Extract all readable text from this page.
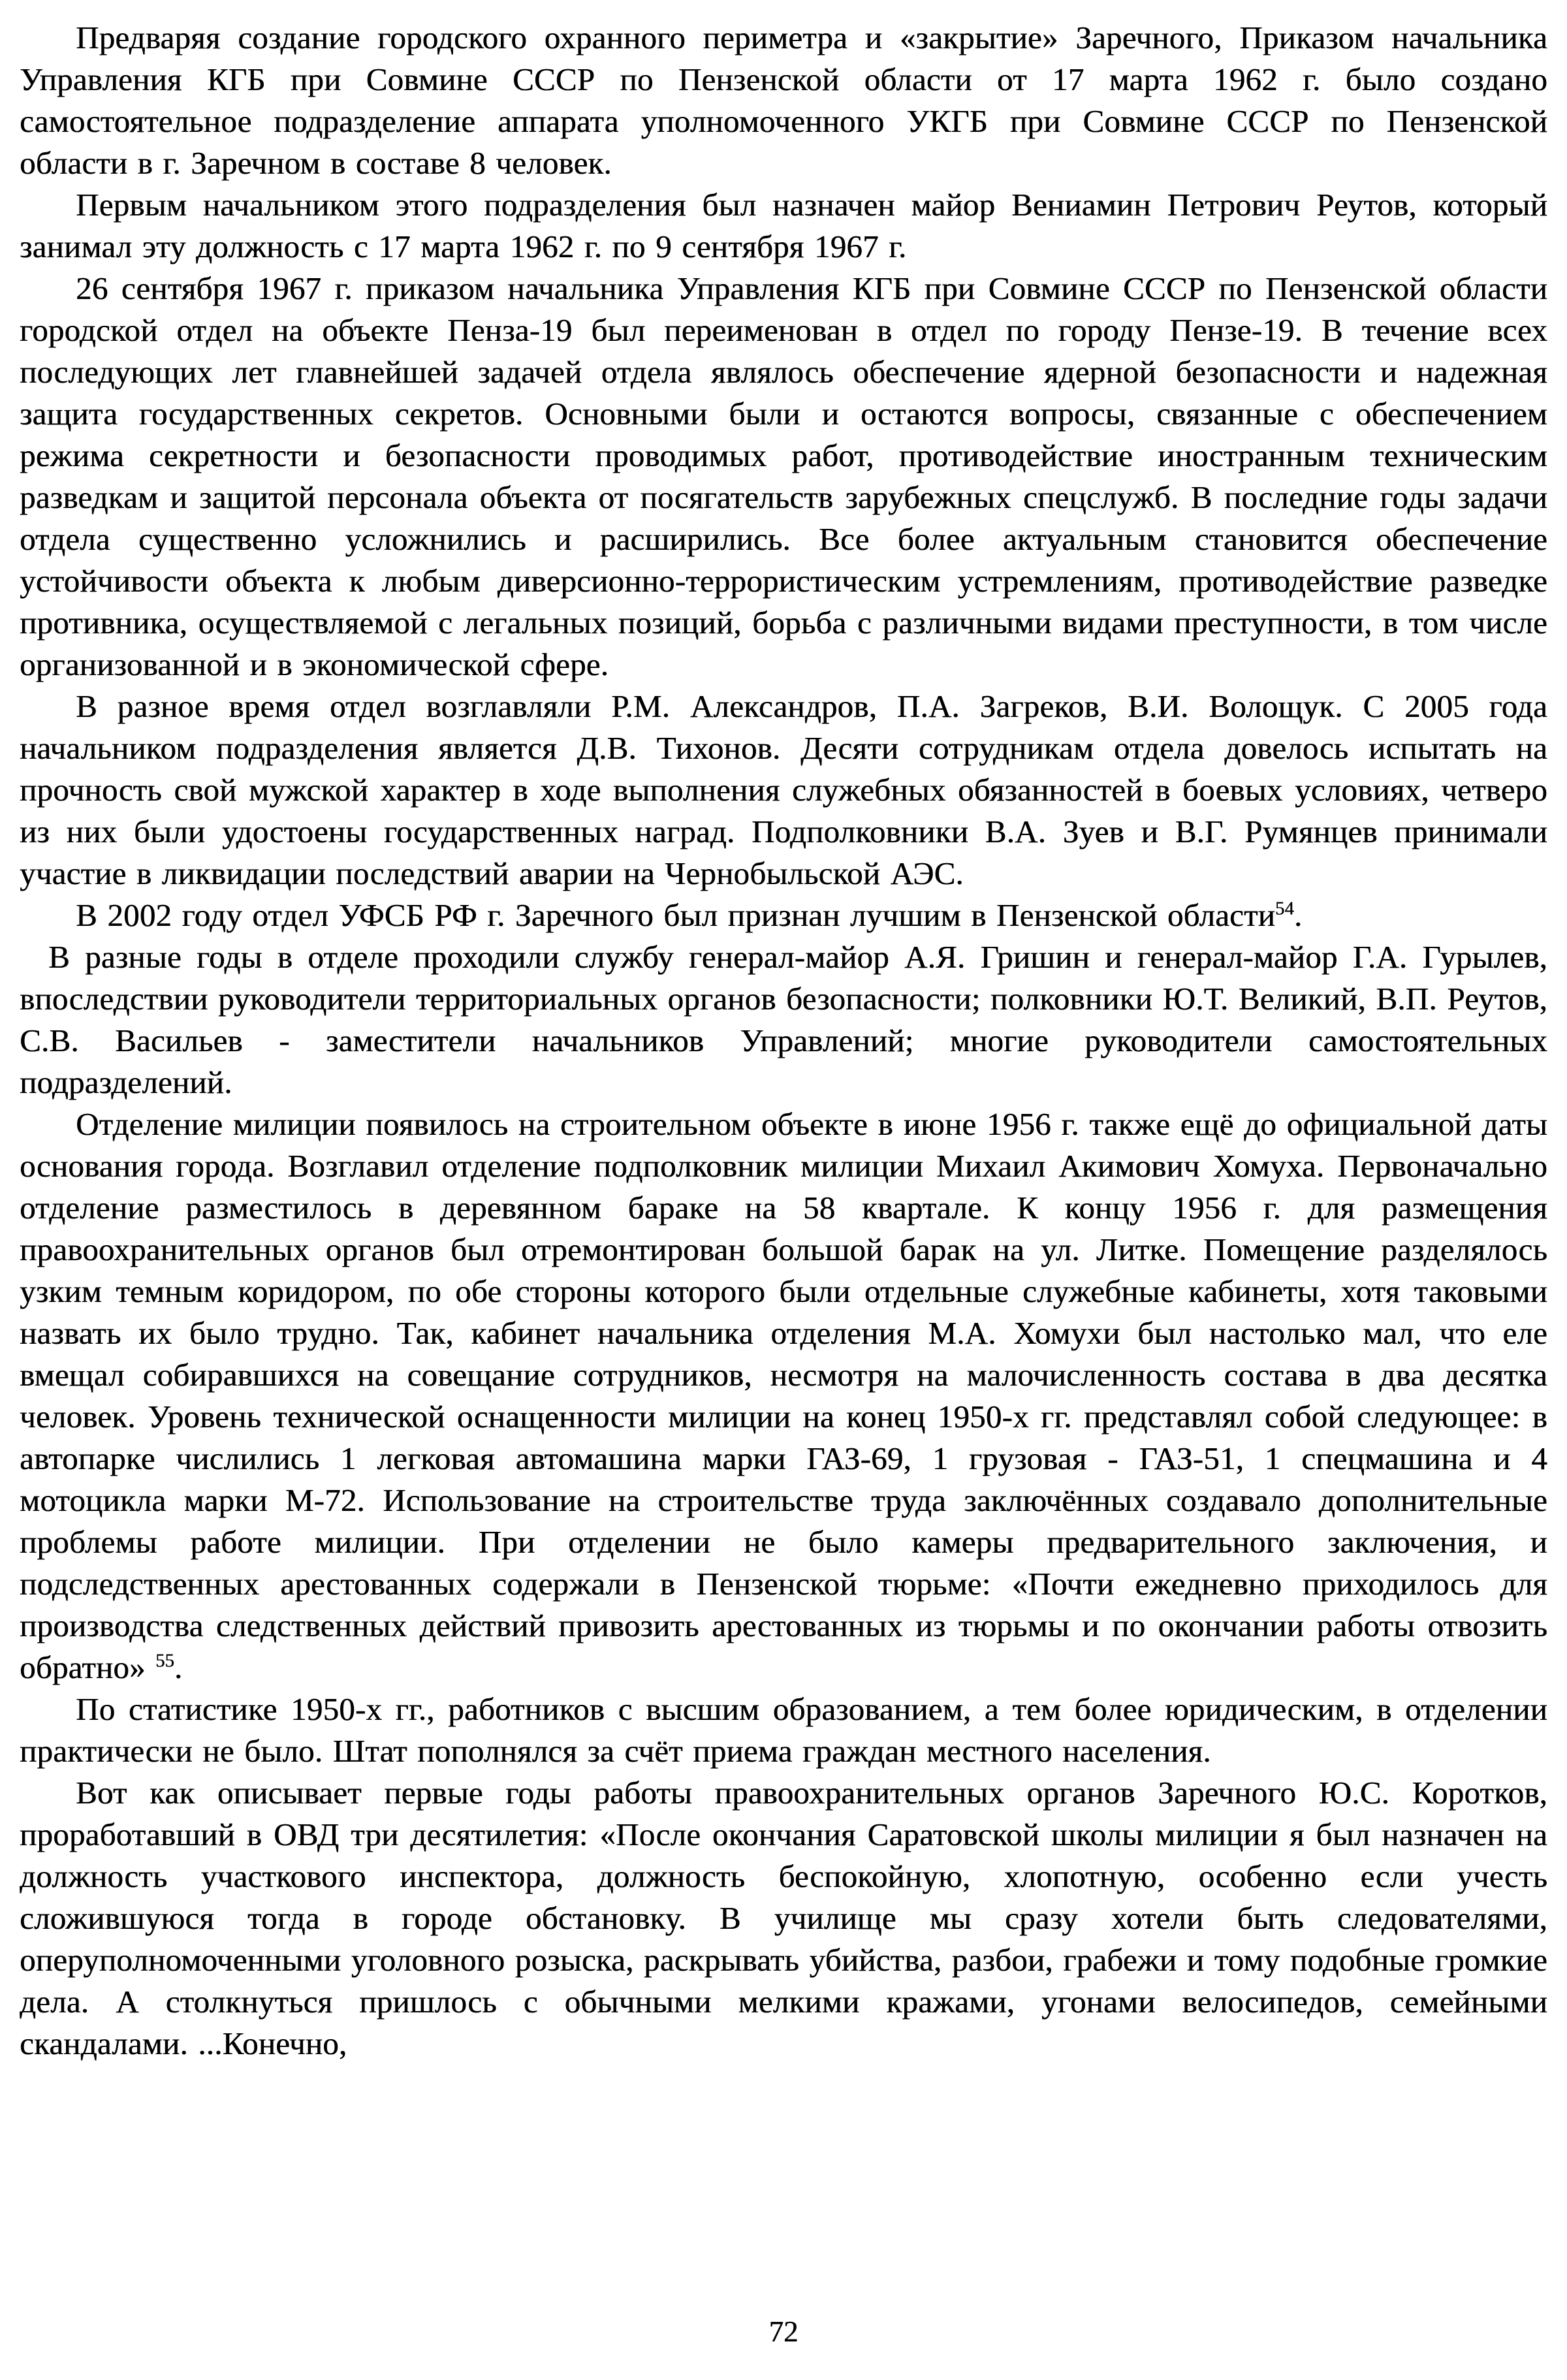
Предваряя создание городского охранного периметра и «закрытие» Заречного, Приказом начальника Управления КГБ при Совмине СССР по Пензенской области от 17 марта 1962 г. было создано самостоятельное подразделение аппарата уполномоченного УКГБ при Совмине СССР по Пензенской области в г. Заречном в составе 8 человек.

Первым начальником этого подразделения был назначен майор Вениамин Петрович Реутов, который занимал эту должность с 17 марта 1962 г. по 9 сентября 1967 г.

26 сентября 1967 г. приказом начальника Управления КГБ при Совмине СССР по Пензенской области городской отдел на объекте Пенза-19 был переименован в отдел по городу Пензе-19. В течение всех последующих лет главнейшей задачей отдела являлось обеспечение ядерной безопасности и надежная защита государственных секретов. Основными были и остаются вопросы, связанные с обеспечением режима секретности и безопасности проводимых работ, противодействие иностранным техническим разведкам и защитой персонала объекта от посягательств зарубежных спецслужб. В последние годы задачи отдела существенно усложнились и расширились. Все более актуальным становится обеспечение устойчивости объекта к любым диверсионно-террористическим устремлениям, противодействие разведке противника, осуществляемой с легальных позиций, борьба с различными видами преступности, в том числе организованной и в экономической сфере.

В разное время отдел возглавляли Р.М. Александров, П.А. Загреков, В.И. Волощук. С 2005 года начальником подразделения является Д.В. Тихонов. Десяти сотрудникам отдела довелось испытать на прочность свой мужской характер в ходе выполнения служебных обязанностей в боевых условиях, четверо из них были удостоены государственных наград. Подполковники В.А. Зуев и В.Г. Румянцев принимали участие в ликвидации последствий аварии на Чернобыльской АЭС.

В 2002 году отдел УФСБ РФ г. Заречного был признан лучшим в Пензенской области$^{54}$.

В разные годы в отделе проходили службу генерал-майор А.Я. Гришин и генерал-майор Г.А. Гурылев, впоследствии руководители территориальных органов безопасности; полковники Ю.Т. Великий, В.П. Реутов, С.В. Васильев - заместители начальников Управлений; многие руководители самостоятельных подразделений.

Отделение милиции появилось на строительном объекте в июне 1956 г. также ещё до официальной даты основания города. Возглавил отделение подполковник милиции Михаил Акимович Хомуха. Первоначально отделение разместилось в деревянном бараке на 58 квартале. К концу 1956 г. для размещения правоохранительных органов был отремонтирован большой барак на ул. Литке. Помещение разделялось узким темным коридором, по обе стороны которого были отдельные служебные кабинеты, хотя таковыми назвать их было трудно. Так, кабинет начальника отделения М.А. Хомухи был настолько мал, что еле вмещал собиравшихся на совещание сотрудников, несмотря на малочисленность состава в два десятка человек. Уровень технической оснащенности милиции на конец 1950-х гг. представлял собой следующее: в автопарке числились 1 легковая автомашина марки ГАЗ-69, 1 грузовая - ГАЗ-51, 1 спецмашина и 4 мотоцикла марки М-72. Использование на строительстве труда заключённых создавало дополнительные проблемы работе милиции. При отделении не было камеры предварительного заключения, и подследственных арестованных содержали в Пензенской тюрьме: «Почти ежедневно приходилось для производства следственных действий привозить арестованных из тюрьмы и по окончании работы отвозить обратно» $^{55}$.

По статистике 1950-х гг., работников с высшим образованием, а тем более юридическим, в отделении практически не было. Штат пополнялся за счёт приема граждан местного населения.

Вот как описывает первые годы работы правоохранительных органов Заречного Ю.С. Коротков, проработавший в ОВД три десятилетия: «После окончания Саратовской школы милиции я был назначен на должность участкового инспектора, должность беспокойную, хлопотную, особенно если учесть сложившуюся тогда в городе обстановку. В училище мы сразу хотели быть следователями, оперуполномоченными уголовного розыска, раскрывать убийства, разбои, грабежи и тому подобные громкие дела. А столкнуться пришлось с обычными мелкими кражами, угонами велосипедов, семейными скандалами. ...Конечно,

72
